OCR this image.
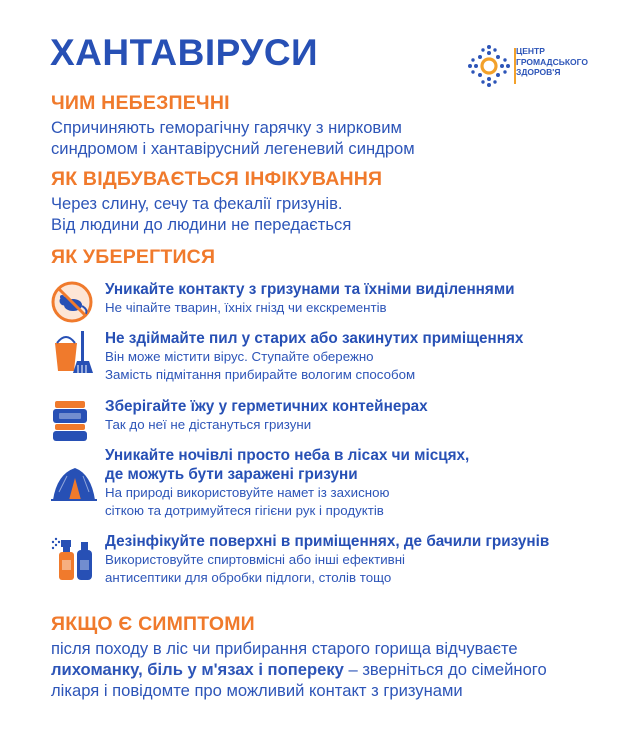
ХАНТАВІРУСИ	ЦЕНТР
ГРОМАДСЬКОГО
ЗДОРОВ'Я
ЧИМ НЕБЕЗПЕЧНІ
Спричиняють геморагічну гарячку з нирковим
синдромом і хантавірусний легеневий синдром
ЯК ВІДБУВАЄТЬСЯ ІНФІКУВАННЯ
Через слину, сечу та фекалії гризунів.
Від людини до людини не передається
ЯК УБЕРЕГТИСЯ
Уникайте контакту з гризунами та їхніми виділеннями
Не чіпайте тварин, їхніх гнізд чи екскрементів
Не здіймайте пил у старих або закинутих приміщеннях
Він може містити вірус. Ступайте обережно
Замість підмітання прибирайте вологим способом
Зберігайте їжу у герметичних контейнерах
Так до неї не дістануться гризуни
Уникайте ночівлі просто неба в лісах чи місцях,
де можуть бути заражені гризуни
На природі використовуйте намет із захисною
сіткою та дотримуйтеся гігієни рук і продуктів
Дезінфікуйте поверхні в приміщеннях, де бачили гризунів
Використовуйте спиртовмісні або інші ефективні
антисептики для обробки підлоги, столів тощо
ЯКЩО Є СИМПТОМИ
після походу в ліс чи прибирання старого горища відчуваєте
лихоманку, біль у м'язах і попереку – зверніться до сімейного
лікаря і повідомте про можливий контакт з гризунами
